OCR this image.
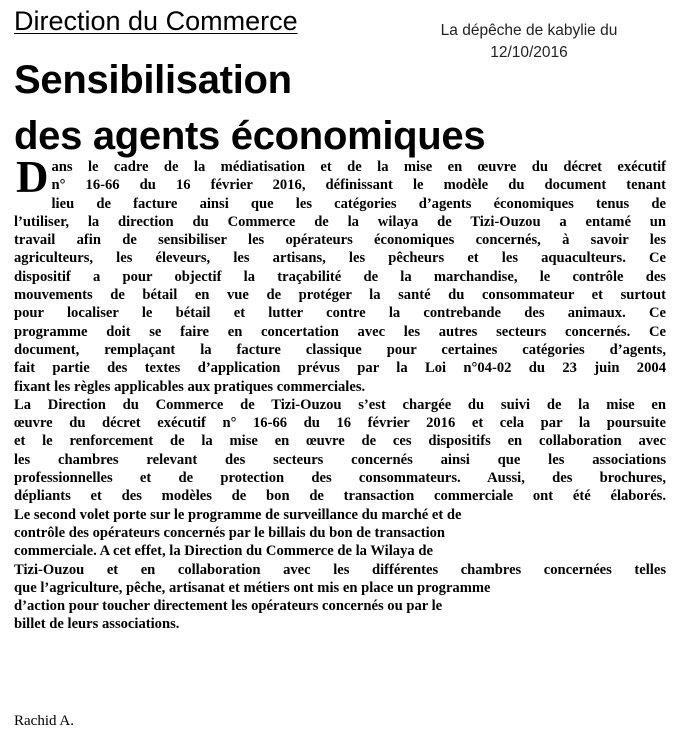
Direction du Commerce	La dépêche de kabylie du
12/10/2016
Sensibilisation
des agents économiques
D ans le cadre de la médiatisation et de la mise en œuvre du décret exécutif
n° 16-66 du 16 février 2016, définissant le modèle du document tenant
lieu de facture ainsi que les catégories d’agents économiques tenus de
l’utiliser, la direction du Commerce de la wilaya de Tizi-Ouzou a entamé un
travail afin de sensibiliser les opérateurs économiques concernés, à savoir les
agriculteurs, les éleveurs, les artisans, les pêcheurs et les aquaculteurs. Ce
dispositif a pour objectif la traçabilité de la marchandise, le contrôle des
mouvements de bétail en vue de protéger la santé du consommateur et surtout
pour localiser le bétail et lutter contre la contrebande des animaux. Ce
programme doit se faire en concertation avec les autres secteurs concernés. Ce
document, remplaçant la facture classique pour certaines catégories d’agents,
fait partie des textes d’application prévus par la Loi n°04-02 du 23 juin 2004
fixant les règles applicables aux pratiques commerciales.
La Direction du Commerce de Tizi-Ouzou s’est chargée du suivi de la mise en
œuvre du décret exécutif n° 16-66 du 16 février 2016 et cela par la poursuite
et le renforcement de la mise en œuvre de ces dispositifs en collaboration avec
les chambres relevant des secteurs concernés ainsi que les associations
professionnelles et de protection des consommateurs. Aussi, des brochures,
dépliants et des modèles de bon de transaction commerciale ont été élaborés.
Le second volet porte sur le programme de surveillance du marché et de
contrôle des opérateurs concernés par le billais du bon de transaction
commerciale. A cet effet, la Direction du Commerce de la Wilaya de
Tizi-Ouzou et en collaboration avec les différentes chambres concernées telles
que l’agriculture, pêche, artisanat et métiers ont mis en place un programme
d’action pour toucher directement les opérateurs concernés ou par le
billet de leurs associations.
Rachid A.
